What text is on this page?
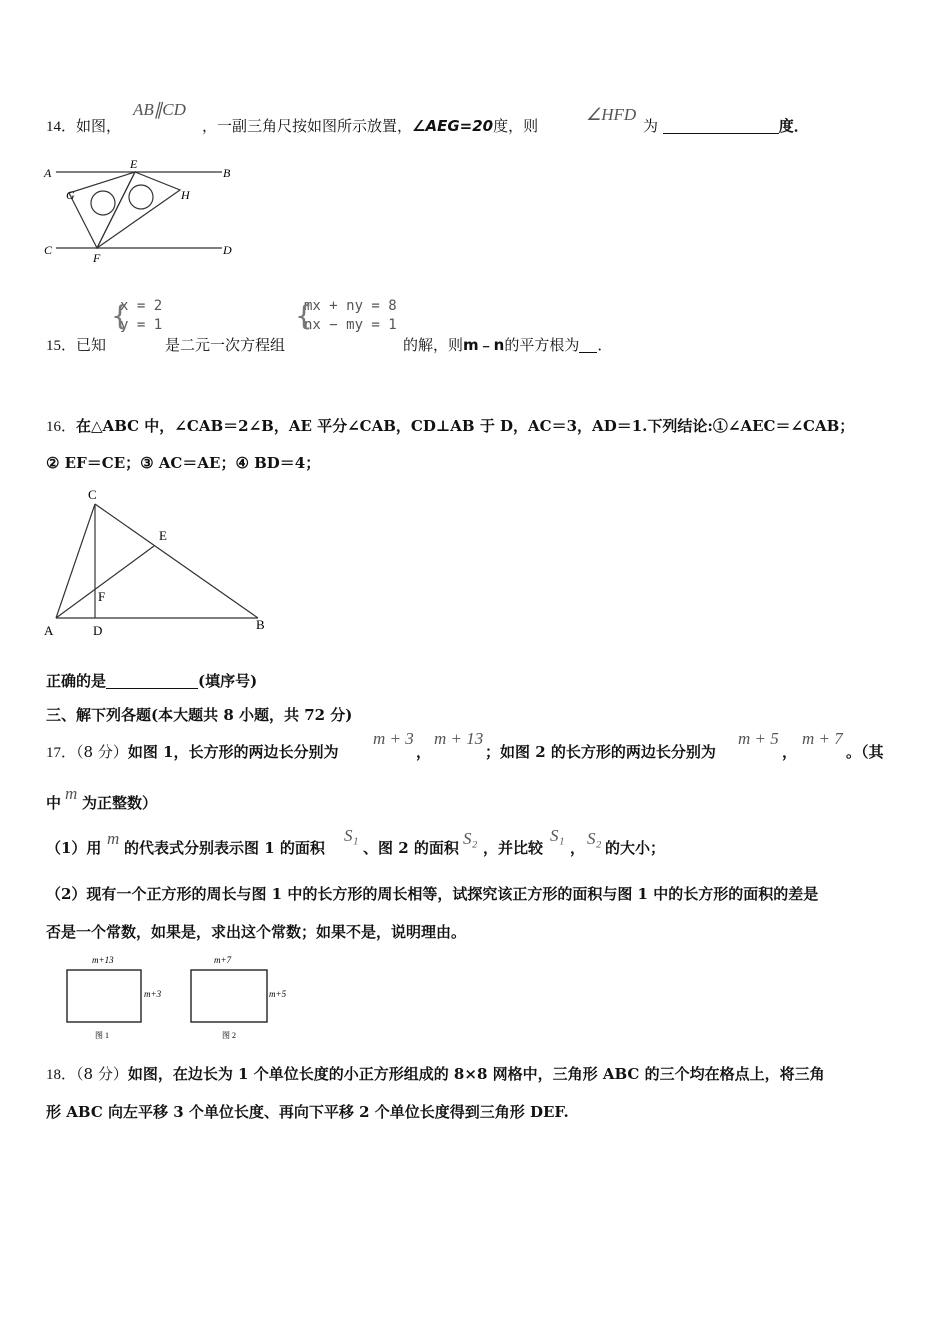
14．如图，
AB∥CD
，一副三角尺按如图所示放置，∠AEG=20度，则
∠HFD
为	度．
A	B
C	D
E
F
G	H
{
x = 2
y = 1	{
mx + ny = 8
nx − my = 1
15．已知	是二元一次方程组	的解，则m﹣n的平方根为 ．
16．在△ABC 中，∠CAB＝2∠B，AE 平分∠CAB，CD⊥AB 于 D，AC＝3，AD＝1.下列结论:①∠AEC＝∠CAB；
② EF＝CE；③ AC＝AE；④ BD＝4；
C
E
F
A	D	B
正确的是	(填序号)
三、解下列各题(本大题共 8 小题，共 72 分)
17．（8 分）如图 1，长方形的两边长分别为
m + 3
，
m + 13
；如图 2 的长方形的两边长分别为
m + 5
，
m + 7
。（其
中 m 为正整数）
（1）用 m 的代表式分别表示图 1 的面积
S₁
、图 2 的面积 S₂ ，并比较
S₁
， S₂ 的大小；
（2）现有一个正方形的周长与图 1 中的长方形的周长相等，试探究该正方形的面积与图 1 中的长方形的面积的差是
否是一个常数，如果是，求出这个常数；如果不是，说明理由。
m+13
m+3
图 1
m+7
m+5
图 2
18．（8 分）如图，在边长为 1 个单位长度的小正方形组成的 8×8 网格中，三角形 ABC 的三个均在格点上，将三角
形 ABC 向左平移 3 个单位长度、再向下平移 2 个单位长度得到三角形 DEF.
